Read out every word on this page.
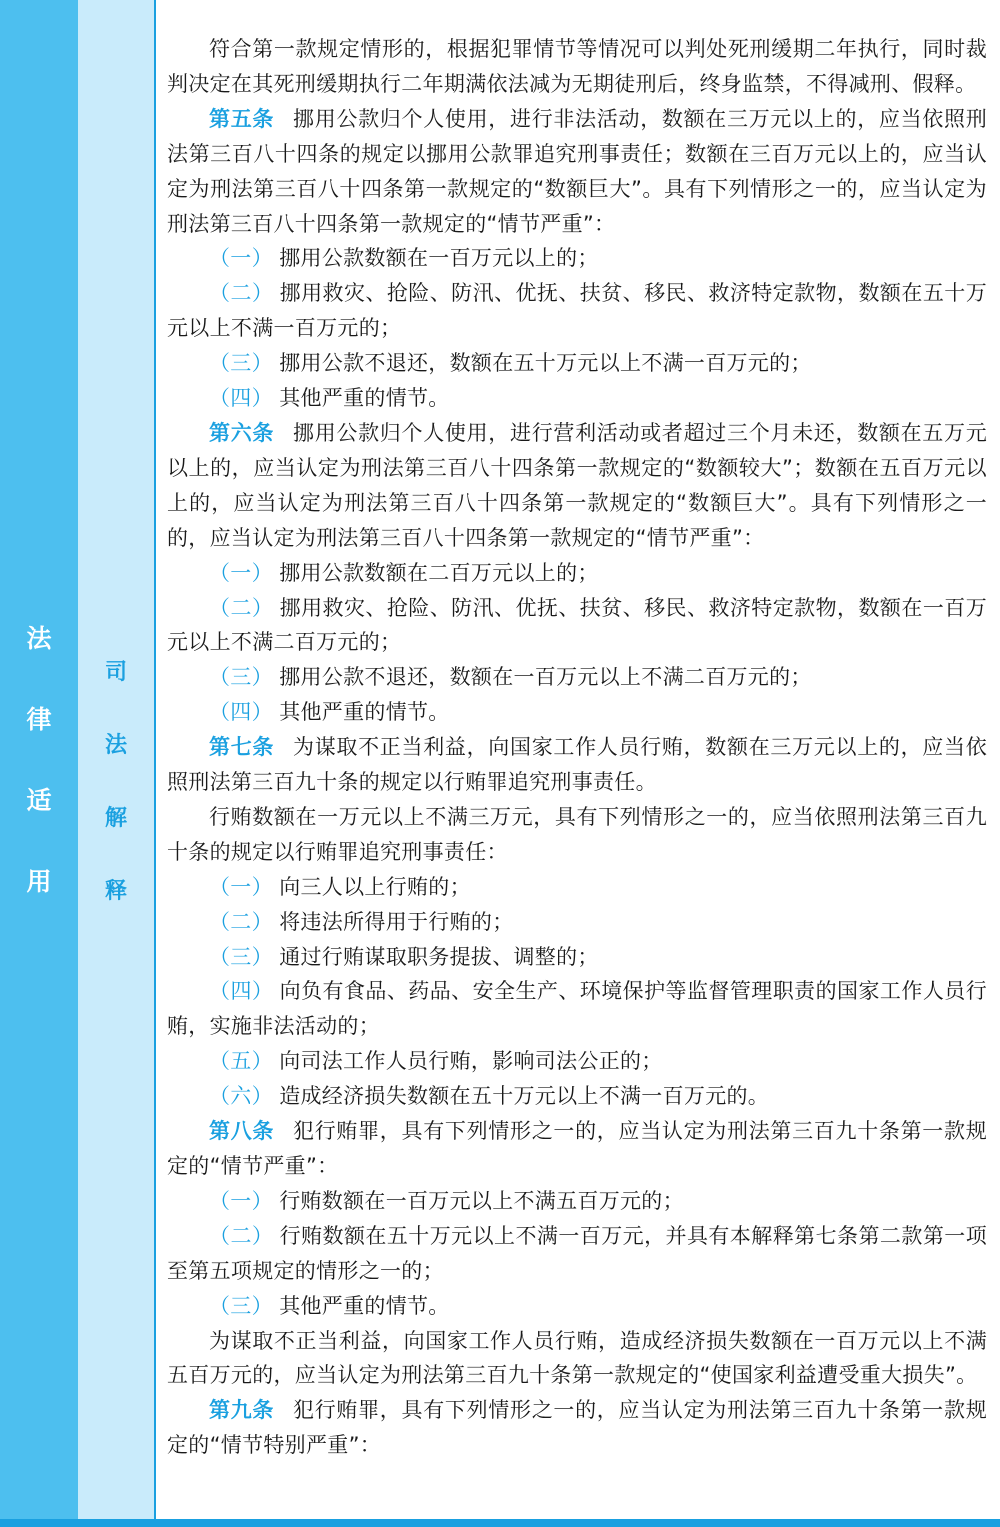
法
律
适
用
司
法
解
释

符合第一款规定情形的，根据犯罪情节等情况可以判处死刑缓期二年执行，同时裁判决定在其死刑缓期执行二年期满依法减为无期徒刑后，终身监禁，不得减刑、假释。

第五条 挪用公款归个人使用，进行非法活动，数额在三万元以上的，应当依照刑法第三百八十四条的规定以挪用公款罪追究刑事责任；数额在三百万元以上的，应当认定为刑法第三百八十四条第一款规定的“数额巨大”。具有下列情形之一的，应当认定为刑法第三百八十四条第一款规定的“情节严重”：

（一） 挪用公款数额在一百万元以上的；

（二） 挪用救灾、抢险、防汛、优抚、扶贫、移民、救济特定款物，数额在五十万元以上不满一百万元的；

（三） 挪用公款不退还，数额在五十万元以上不满一百万元的；

（四） 其他严重的情节。

第六条 挪用公款归个人使用，进行营利活动或者超过三个月未还，数额在五万元以上的，应当认定为刑法第三百八十四条第一款规定的“数额较大”；数额在五百万元以上的，应当认定为刑法第三百八十四条第一款规定的“数额巨大”。具有下列情形之一的，应当认定为刑法第三百八十四条第一款规定的“情节严重”：

（一） 挪用公款数额在二百万元以上的；

（二） 挪用救灾、抢险、防汛、优抚、扶贫、移民、救济特定款物，数额在一百万元以上不满二百万元的；

（三） 挪用公款不退还，数额在一百万元以上不满二百万元的；

（四） 其他严重的情节。

第七条 为谋取不正当利益，向国家工作人员行贿，数额在三万元以上的，应当依照刑法第三百九十条的规定以行贿罪追究刑事责任。

行贿数额在一万元以上不满三万元，具有下列情形之一的，应当依照刑法第三百九十条的规定以行贿罪追究刑事责任：

（一） 向三人以上行贿的；

（二） 将违法所得用于行贿的；

（三） 通过行贿谋取职务提拔、调整的；

（四） 向负有食品、药品、安全生产、环境保护等监督管理职责的国家工作人员行贿，实施非法活动的；

（五） 向司法工作人员行贿，影响司法公正的；

（六） 造成经济损失数额在五十万元以上不满一百万元的。

第八条 犯行贿罪，具有下列情形之一的，应当认定为刑法第三百九十条第一款规定的“情节严重”：

（一） 行贿数额在一百万元以上不满五百万元的；

（二） 行贿数额在五十万元以上不满一百万元，并具有本解释第七条第二款第一项至第五项规定的情形之一的；

（三） 其他严重的情节。

为谋取不正当利益，向国家工作人员行贿，造成经济损失数额在一百万元以上不满五百万元的，应当认定为刑法第三百九十条第一款规定的“使国家利益遭受重大损失”。

第九条 犯行贿罪，具有下列情形之一的，应当认定为刑法第三百九十条第一款规定的“情节特别严重”：
